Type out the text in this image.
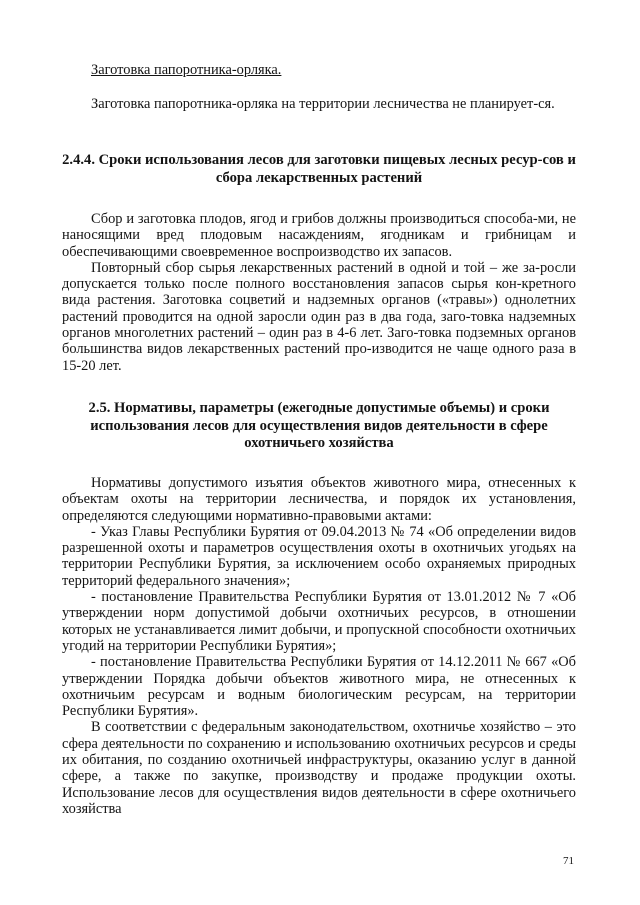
Заготовка папоротника-орляка.

Заготовка папоротника-орляка на территории лесничества не планирует-ся.

2.4.4. Сроки использования лесов для заготовки пищевых лесных ресур-сов и сбора лекарственных растений

Сбор и заготовка плодов, ягод и грибов должны производиться способа-ми, не наносящими вред плодовым насаждениям, ягодникам и грибницам и обеспечивающими своевременное воспроизводство их запасов.

Повторный сбор сырья лекарственных растений в одной и той – же за-росли допускается только после полного восстановления запасов сырья кон-кретного вида растения. Заготовка соцветий и надземных органов («травы») однолетних растений проводится на одной заросли один раз в два года, заго-товка надземных органов многолетних растений – один раз в 4-6 лет. Заго-товка подземных органов большинства видов лекарственных растений про-изводится не чаще одного раза в 15-20 лет.

2.5. Нормативы, параметры (ежегодные допустимые объемы) и сроки использования лесов для осуществления видов деятельности в сфере охотничьего хозяйства

Нормативы допустимого изъятия объектов животного мира, отнесенных к объектам охоты на территории лесничества, и порядок их установления, определяются следующими нормативно-правовыми актами:

- Указ Главы Республики Бурятия от 09.04.2013 № 74 «Об определении видов разрешенной охоты и параметров осуществления охоты в охотничьих угодьях на территории Республики Бурятия, за исключением особо охраняемых природных территорий федерального значения»;

- постановление Правительства Республики Бурятия от 13.01.2012 № 7 «Об утверждении норм допустимой добычи охотничьих ресурсов, в отношении которых не устанавливается лимит добычи, и пропускной способности охотничьих угодий на территории Республики Бурятия»;

- постановление Правительства Республики Бурятия от 14.12.2011 № 667 «Об утверждении Порядка добычи объектов животного мира, не отнесенных к охотничьим ресурсам и водным биологическим ресурсам, на территории Республики Бурятия».

В соответствии с федеральным законодательством, охотничье хозяйство – это сфера деятельности по сохранению и использованию охотничьих ресурсов и среды их обитания, по созданию охотничьей инфраструктуры, оказанию услуг в данной сфере, а также по закупке, производству и продаже продукции охоты. Использование лесов для осуществления видов деятельности в сфере охотничьего хозяйства

71
